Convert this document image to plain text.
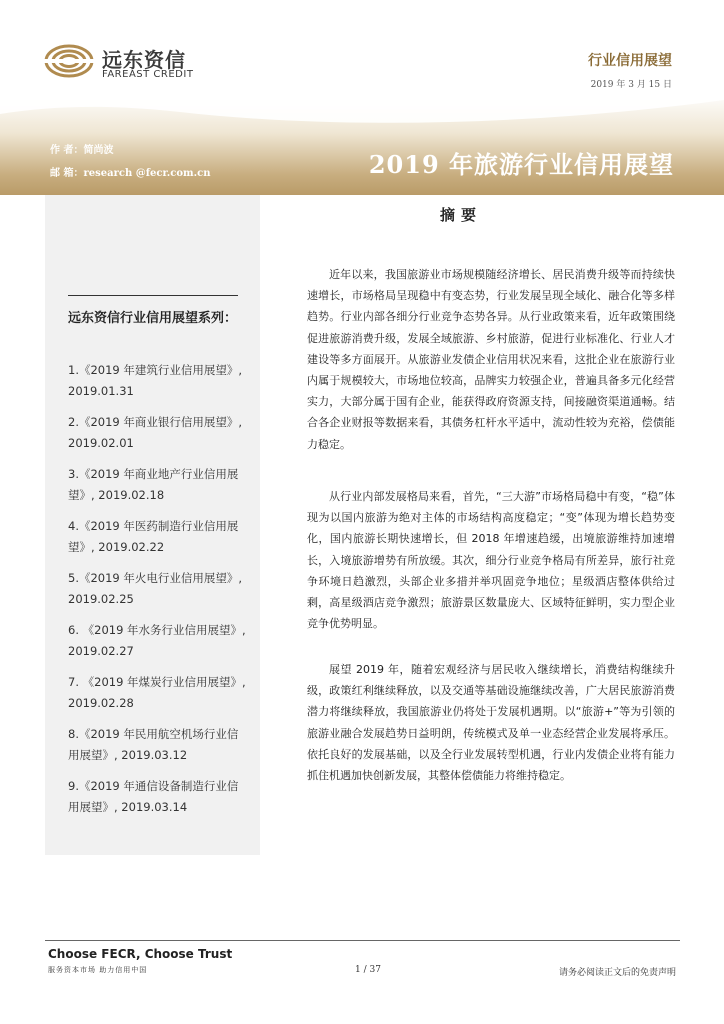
远东资信
FAREAST CREDIT
行业信用展望
2019 年 3 月 15 日
作 者：简尚波
邮 箱：research @fecr.com.cn	2019 年旅游行业信用展望
远东资信行业信用展望系列：
1.《2019 年建筑行业信用展望》, 2019.01.31
2.《2019 年商业银行信用展望》, 2019.02.01
3.《2019 年商业地产行业信用展望》, 2019.02.18
4.《2019 年医药制造行业信用展望》, 2019.02.22
5.《2019 年火电行业信用展望》, 2019.02.25
6. 《2019 年水务行业信用展望》, 2019.02.27
7. 《2019 年煤炭行业信用展望》, 2019.02.28
8.《2019 年民用航空机场行业信用展望》, 2019.03.12
9.《2019 年通信设备制造行业信用展望》, 2019.03.14
摘要

近年以来，我国旅游业市场规模随经济增长、居民消费升级等而持续快速增长，市场格局呈现稳中有变态势，行业发展呈现全域化、融合化等多样趋势。行业内部各细分行业竞争态势各异。从行业政策来看，近年政策围绕促进旅游消费升级，发展全域旅游、乡村旅游，促进行业标准化、行业人才建设等多方面展开。从旅游业发债企业信用状况来看，这批企业在旅游行业内属于规模较大，市场地位较高，品牌实力较强企业，普遍具备多元化经营实力，大部分属于国有企业，能获得政府资源支持，间接融资渠道通畅。结合各企业财报等数据来看，其债务杠杆水平适中，流动性较为充裕，偿债能力稳定。

从行业内部发展格局来看，首先，“三大游”市场格局稳中有变，“稳”体现为以国内旅游为绝对主体的市场结构高度稳定；“变”体现为增长趋势变化，国内旅游长期快速增长，但 2018 年增速趋缓，出境旅游维持加速增长，入境旅游增势有所放缓。其次，细分行业竞争格局有所差异，旅行社竞争环境日趋激烈，头部企业多措并举巩固竞争地位；星级酒店整体供给过剩，高星级酒店竞争激烈；旅游景区数量庞大、区域特征鲜明，实力型企业竞争优势明显。

展望 2019 年，随着宏观经济与居民收入继续增长，消费结构继续升级，政策红利继续释放，以及交通等基础设施继续改善，广大居民旅游消费潜力将继续释放，我国旅游业仍将处于发展机遇期。以“旅游+”等为引领的旅游业融合发展趋势日益明朗，传统模式及单一业态经营企业发展将承压。依托良好的发展基础，以及全行业发展转型机遇，行业内发债企业将有能力抓住机遇加快创新发展，其整体偿债能力将维持稳定。

Choose FECR, Choose Trust
服务资本市场 助力信用中国	1 / 37	请务必阅读正文后的免责声明
